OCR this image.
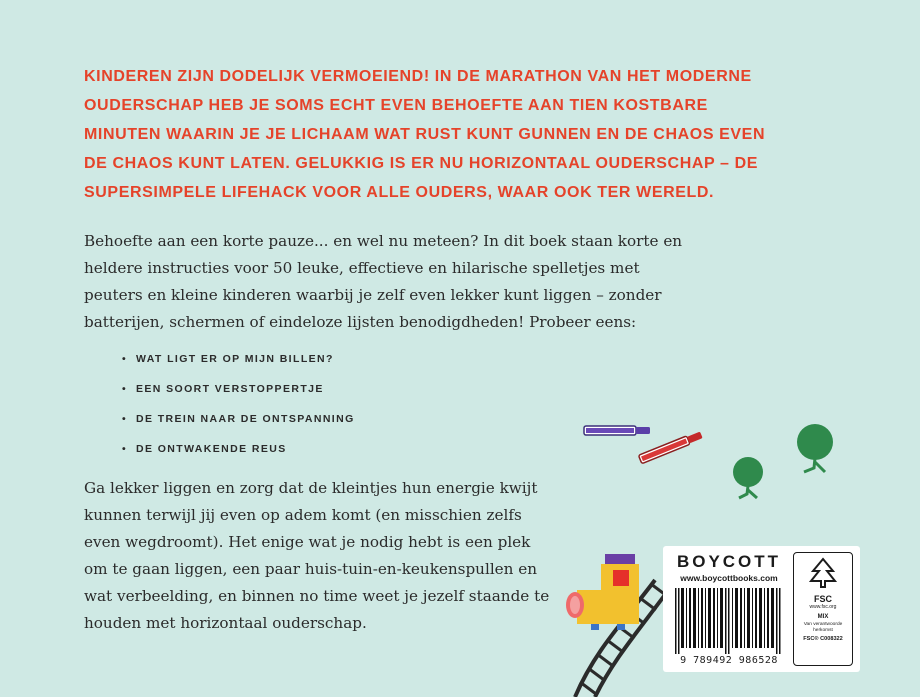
KINDEREN ZIJN DODELIJK VERMOEIEND! IN DE MARATHON VAN HET MODERNE OUDERSCHAP HEB JE SOMS ECHT EVEN BEHOEFTE AAN TIEN KOSTBARE MINUTEN WAARIN JE JE LICHAAM WAT RUST KUNT GUNNEN EN DE CHAOS EVEN DE CHAOS KUNT LATEN. GELUKKIG IS ER NU HORIZONTAAL OUDERSCHAP – DE SUPERSIMPELE LIFEHACK VOOR ALLE OUDERS, WAAR OOK TER WERELD.

Behoefte aan een korte pauze... en wel nu meteen? In dit boek staan korte en heldere instructies voor 50 leuke, effectieve en hilarische spelletjes met peuters en kleine kinderen waarbij je zelf even lekker kunt liggen – zonder batterijen, schermen of eindeloze lijsten benodigdheden! Probeer eens:

• WAT LIGT ER OP MIJN BILLEN?
• EEN SOORT VERSTOPPERTJE
• DE TREIN NAAR DE ONTSPANNING
• DE ONTWAKENDE REUS

Ga lekker liggen en zorg dat de kleintjes hun energie kwijt kunnen terwijl jij even op adem komt (en misschien zelfs even wegdroomt). Het enige wat je nodig hebt is een plek om te gaan liggen, een paar huis-tuin-en-keukenspullen en wat verbeelding, en binnen no time weet je jezelf staande te houden met horizontaal ouderschap.

BOYCOTT
www.boycottbooks.com
9 789492 986528
FSC
www.fsc.org
MIX
Van verantwoorde
herkomst
FSC® C008322
